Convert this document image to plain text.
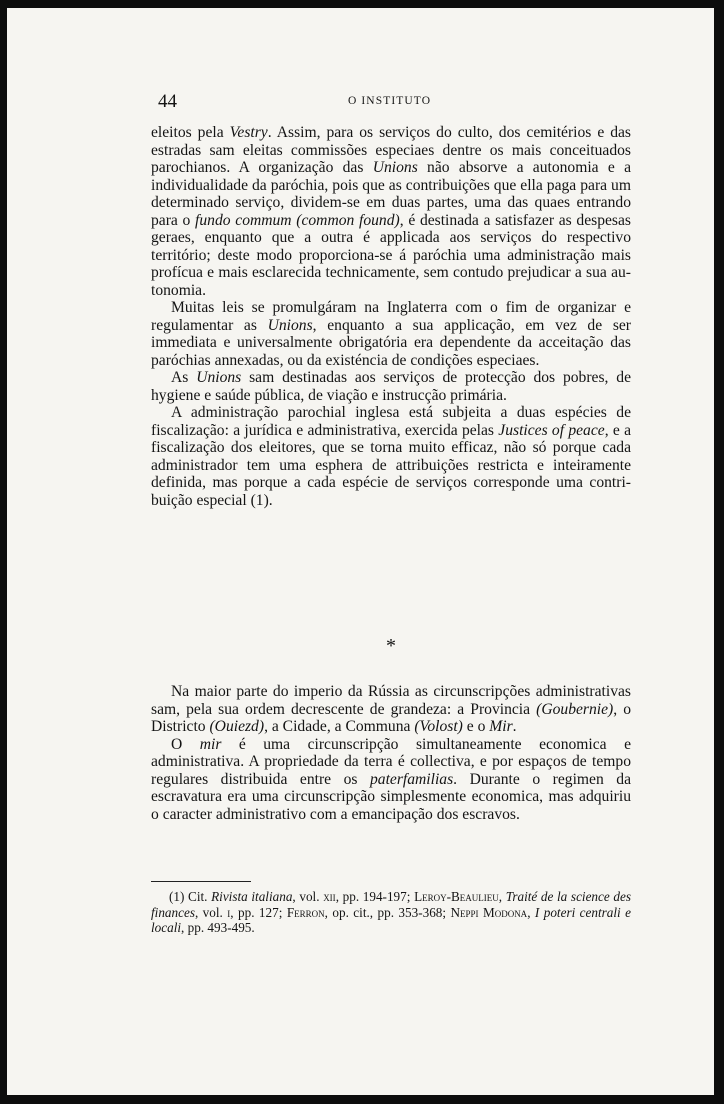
44	O INSTITUTO

eleitos pela Vestry. Assim, para os serviços do culto, dos cemitérios e das estradas sam eleitas commissões especiaes dentre os mais conceituados parochianos. A organização das Unions não absorve a autonomia e a individualidade da paróchia, pois que as contribuições que ella paga para um determinado serviço, dividem-se em duas partes, uma das quaes entrando para o fundo commum (common found), é destinada a satisfazer as despesas geraes, enquanto que a outra é applicada aos serviços do respectivo território; deste modo proporciona-se á paróchia uma administração mais profícua e mais esclarecida technicamente, sem contudo prejudicar a sua autonomia.

Muitas leis se promulgáram na Inglaterra com o fim de organizar e regulamentar as Unions, enquanto a sua applicação, em vez de ser immediata e universalmente obrigatória era dependente da acceitação das paróchias annexadas, ou da existéncia de condições especiaes.

As Unions sam destinadas aos serviços de protecção dos pobres, de hygiene e saúde pública, de viação e instrucção primária.

A administração parochial inglesa está subjeita a duas espécies de fiscalização: a jurídica e administrativa, exercida pelas Justices of peace, e a fiscalização dos eleitores, que se torna muito efficaz, não só porque cada administrador tem uma esphera de attribuições restricta e inteiramente definida, mas porque a cada espécie de serviços corresponde uma contribuição especial (1).

*

Na maior parte do imperio da Rússia as circunscripções administrativas sam, pela sua ordem decrescente de grandeza: a Provincia (Goubernie), o Districto (Ouiezd), a Cidade, a Communa (Volost) e o Mir.

O mir é uma circunscripção simultaneamente economica e administrativa. A propriedade da terra é collectiva, e por espaços de tempo regulares distribuida entre os paterfamilias. Durante o regimen da escravatura era uma circunscripção simplesmente economica, mas adquiriu o caracter administrativo com a emancipação dos escravos.

(1) Cit. Rivista italiana, vol. xii, pp. 194-197; Leroy-Beaulieu, Traité de la science des finances, vol. i, pp. 127; Ferron, op. cit., pp. 353-368; Neppi Modona, I poteri centrali e locali, pp. 493-495.
